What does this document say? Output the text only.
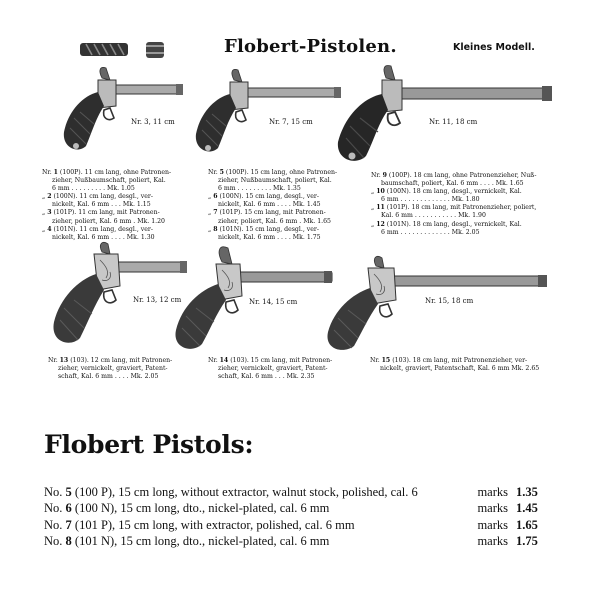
Flobert-Pistolen.	Kleines Modell.
Nr. 3, 11 cm	Nr. 7, 15 cm	Nr. 11, 18 cm
Nr. 1 (100P). 11 cm lang, ohne Patronen-
zieher, Nußbaumschaft, poliert, Kal.
6 mm . . . . . . . . . Mk. 1.05
„ 2 (100N). 11 cm lang, desgl., ver-
nickelt, Kal. 6 mm . . . Mk. 1.15
„ 3 (101P). 11 cm lang, mit Patronen-
zieher, poliert, Kal. 6 mm . Mk. 1.20
„ 4 (101N). 11 cm lang, desgl., ver-
nickelt, Kal. 6 mm . . . . Mk. 1.30
Nr. 5 (100P). 15 cm lang, ohne Patronen-
zieher, Nußbaumschaft, poliert, Kal.
6 mm . . . . . . . . . Mk. 1.35
„ 6 (100N). 15 cm lang, desgl., ver-
nickelt, Kal. 6 mm . . . . Mk. 1.45
„ 7 (101P). 15 cm lang, mit Patronen-
zieher, poliert, Kal. 6 mm . Mk. 1.65
„ 8 (101N). 15 cm lang, desgl., ver-
nickelt, Kal. 6 mm . . . . Mk. 1.75
Nr. 9 (100P). 18 cm lang, ohne Patronenzieher, Nuß-
baumschaft, poliert, Kal. 6 mm . . . . Mk. 1.65
„ 10 (100N). 18 cm lang, desgl., vernickelt, Kal.
6 mm . . . . . . . . . . . . . Mk. 1.80
„ 11 (101P). 18 cm lang, mit Patronenzieher, poliert,
Kal. 6 mm . . . . . . . . . . . Mk. 1.90
„ 12 (101N). 18 cm lang, desgl., vernickelt, Kal.
6 mm . . . . . . . . . . . . . Mk. 2.05
Nr. 13, 12 cm	Nr. 14, 15 cm	Nr. 15, 18 cm
Nr. 13 (103). 12 cm lang, mit Patronen-
zieher, vernickelt, graviert, Patent-
schaft, Kal. 6 mm . . . . Mk. 2.05
Nr. 14 (103). 15 cm lang, mit Patronen-
zieher, vernickelt, graviert, Patent-
schaft, Kal. 6 mm . . . Mk. 2.35
Nr. 15 (103). 18 cm lang, mit Patronenzieher, ver-
nickelt, graviert, Patentschaft, Kal. 6 mm Mk. 2.65
Flobert Pistols:
No. 5 (100 P), 15 cm long, without extractor, walnut stock, polished, cal. 6	marks	1.35
No. 6 (100 N), 15 cm long, dto., nickel-plated, cal. 6 mm	marks	1.45
No. 7 (101 P), 15 cm long, with extractor, polished, cal. 6 mm	marks	1.65
No. 8 (101 N), 15 cm long, dto., nickel-plated, cal. 6 mm	marks	1.75
